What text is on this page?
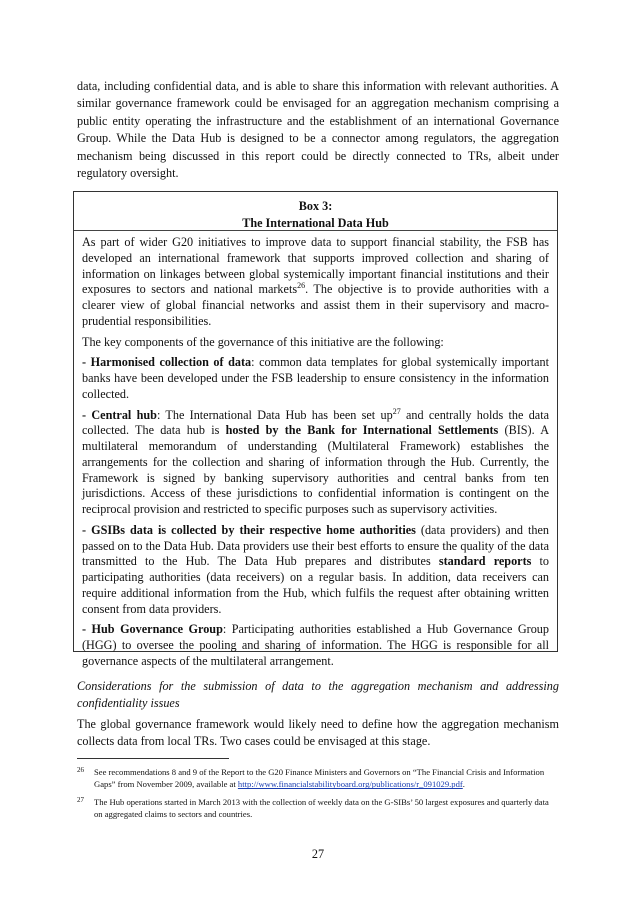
data, including confidential data, and is able to share this information with relevant authorities. A similar governance framework could be envisaged for an aggregation mechanism comprising a public entity operating the infrastructure and the establishment of an international Governance Group. While the Data Hub is designed to be a connector among regulators, the aggregation mechanism being discussed in this report could be directly connected to TRs, albeit under regulatory oversight.

Box 3:
The International Data Hub

As part of wider G20 initiatives to improve data to support financial stability, the FSB has developed an international framework that supports improved collection and sharing of information on linkages between global systemically important financial institutions and their exposures to sectors and national markets$^{26}$. The objective is to provide authorities with a clearer view of global financial networks and assist them in their supervisory and macro-prudential responsibilities.

The key components of the governance of this initiative are the following:

- Harmonised collection of data: common data templates for global systemically important banks have been developed under the FSB leadership to ensure consistency in the information collected.

- Central hub: The International Data Hub has been set $up^{27}$ and centrally holds the data collected. The data hub is hosted by the Bank for International Settlements (BIS). A multilateral memorandum of understanding (Multilateral Framework) establishes the arrangements for the collection and sharing of information through the Hub. Currently, the Framework is signed by banking supervisory authorities and central banks from ten jurisdictions. Access of these jurisdictions to confidential information is contingent on the reciprocal provision and restricted to specific purposes such as supervisory activities.

- GSIBs data is collected by their respective home authorities (data providers) and then passed on to the Data Hub. Data providers use their best efforts to ensure the quality of the data transmitted to the Hub. The Data Hub prepares and distributes standard reports to participating authorities (data receivers) on a regular basis. In addition, data receivers can require additional information from the Hub, which fulfils the request after obtaining written consent from data providers.

- Hub Governance Group: Participating authorities established a Hub Governance Group (HGG) to oversee the pooling and sharing of information. The HGG is responsible for all governance aspects of the multilateral arrangement.

Considerations for the submission of data to the aggregation mechanism and addressing confidentiality issues

The global governance framework would likely need to define how the aggregation mechanism collects data from local TRs. Two cases could be envisaged at this stage.

26 See recommendations 8 and 9 of the Report to the G20 Finance Ministers and Governors on “The Financial Crisis and Information Gaps” from November 2009, available at http://www.financialstabilityboard.org/publications/r_091029.pdf.

27 The Hub operations started in March 2013 with the collection of weekly data on the G-SIBs’ 50 largest exposures and quarterly data on aggregated claims to sectors and countries.

27
